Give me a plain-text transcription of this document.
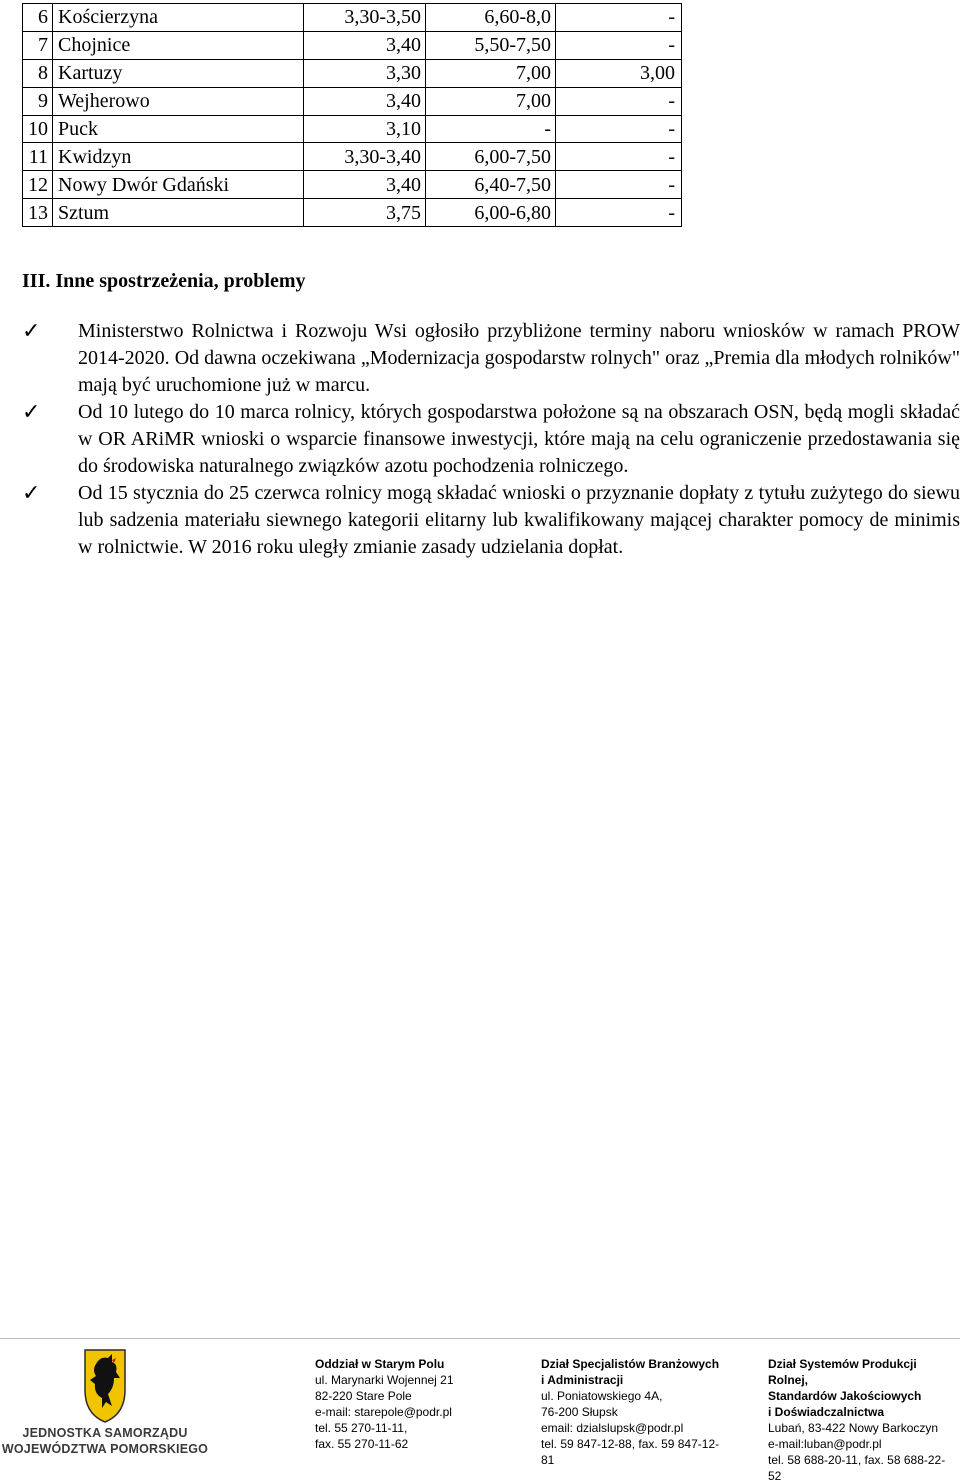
6	Kościerzyna	3,30-3,50	6,60-8,0	-
7	Chojnice	3,40	5,50-7,50	-
8	Kartuzy	3,30	7,00	3,00
9	Wejherowo	3,40	7,00	-
10	Puck	3,10	-	-
11	Kwidzyn	3,30-3,40	6,00-7,50	-
12	Nowy Dwór Gdański	3,40	6,40-7,50	-
13	Sztum	3,75	6,00-6,80	-
III. Inne spostrzeżenia, problemy
✓ Ministerstwo Rolnictwa i Rozwoju Wsi ogłosiło przybliżone terminy naboru wniosków w ramach PROW 2014-2020. Od dawna oczekiwana „Modernizacja gospodarstw rolnych" oraz „Premia dla młodych rolników" mają być uruchomione już w marcu.
✓ Od 10 lutego do 10 marca rolnicy, których gospodarstwa położone są na obszarach OSN, będą mogli składać w OR ARiMR wnioski o wsparcie finansowe inwestycji, które mają na celu ograniczenie przedostawania się do środowiska naturalnego związków azotu pochodzenia rolniczego.
✓ Od 15 stycznia do 25 czerwca rolnicy mogą składać wnioski o przyznanie dopłaty z tytułu zużytego do siewu lub sadzenia materiału siewnego kategorii elitarny lub kwalifikowany mającej charakter pomocy de minimis w rolnictwie. W 2016 roku uległy zmianie zasady udzielania dopłat.
JEDNOSTKA SAMORZĄDU
WOJEWÓDZTWA POMORSKIEGO
Oddział w Starym Polu
ul. Marynarki Wojennej 21
82-220 Stare Pole
e-mail: starepole@podr.pl
tel. 55 270-11-11,
fax. 55 270-11-62
Dział Specjalistów Branżowych
i Administracji
ul. Poniatowskiego 4A,
76-200 Słupsk
email: dzialslupsk@podr.pl
tel. 59 847-12-88, fax. 59 847-12-
81
Dział Systemów Produkcji Rolnej,
Standardów Jakościowych
i Doświadczalnictwa
Lubań, 83-422 Nowy Barkoczyn
e-mail:luban@podr.pl
tel. 58 688-20-11, fax. 58 688-22-52
